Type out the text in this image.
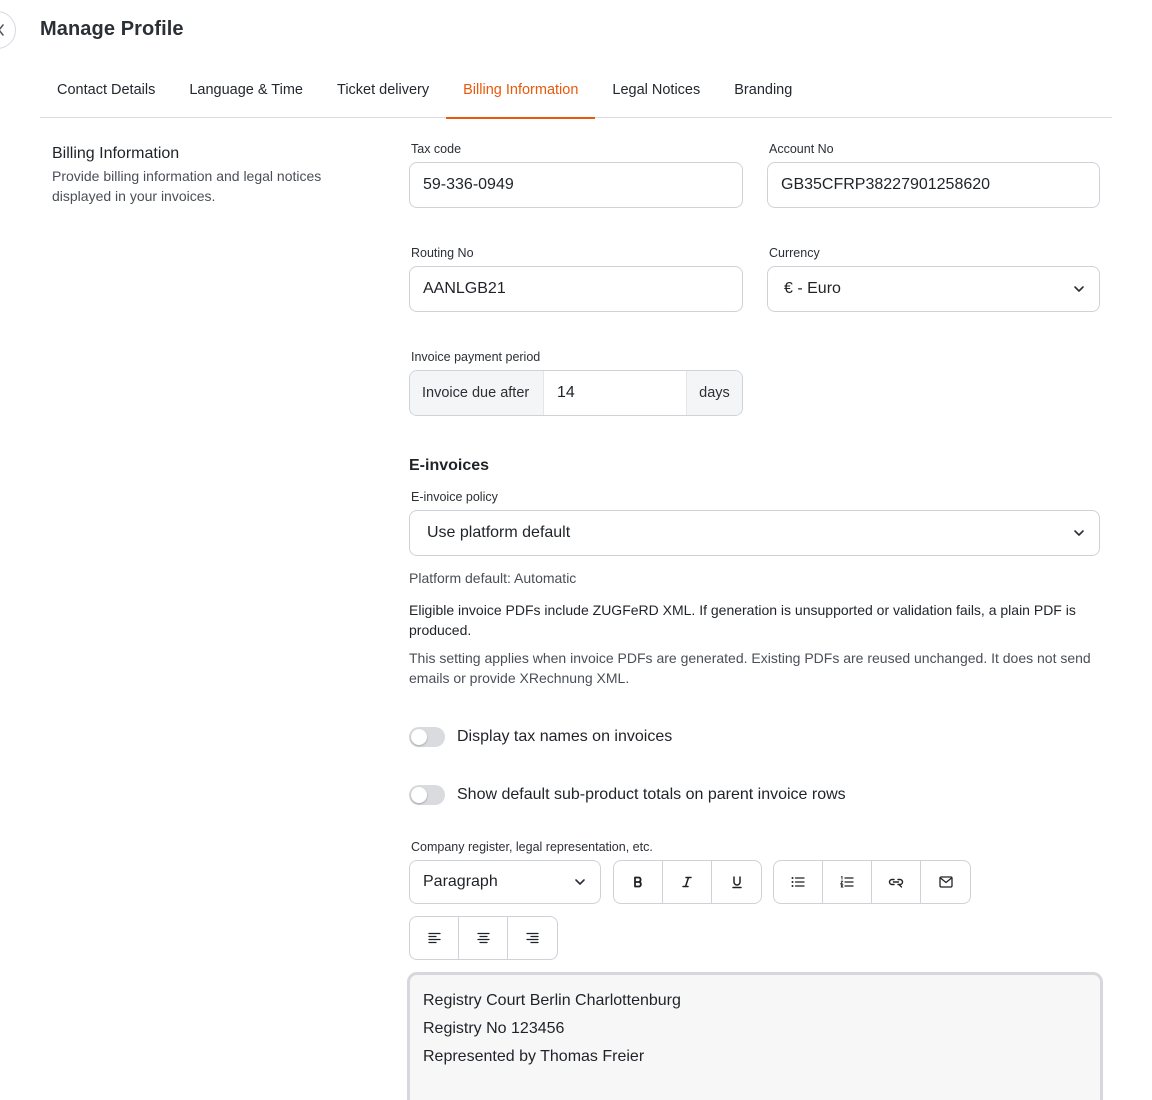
Manage Profile
Contact Details	Language & Time	Ticket delivery	Billing Information	Legal Notices	Branding
Billing Information
Provide billing information and legal notices displayed in your invoices.
Tax code
59-336-0949
Account No
GB35CFRP38227901258620
Routing No
AANLGB21
Currency
€ - Euro
Invoice payment period
Invoice due after	14	days
E-invoices
E-invoice policy
Use platform default
Platform default: Automatic
Eligible invoice PDFs include ZUGFeRD XML. If generation is unsupported or validation fails, a plain PDF is produced.
This setting applies when invoice PDFs are generated. Existing PDFs are reused unchanged. It does not send emails or provide XRechnung XML.
Display tax names on invoices
Show default sub-product totals on parent invoice rows
Company register, legal representation, etc.
Paragraph
Registry Court Berlin Charlottenburg
Registry No 123456
Represented by Thomas Freier
